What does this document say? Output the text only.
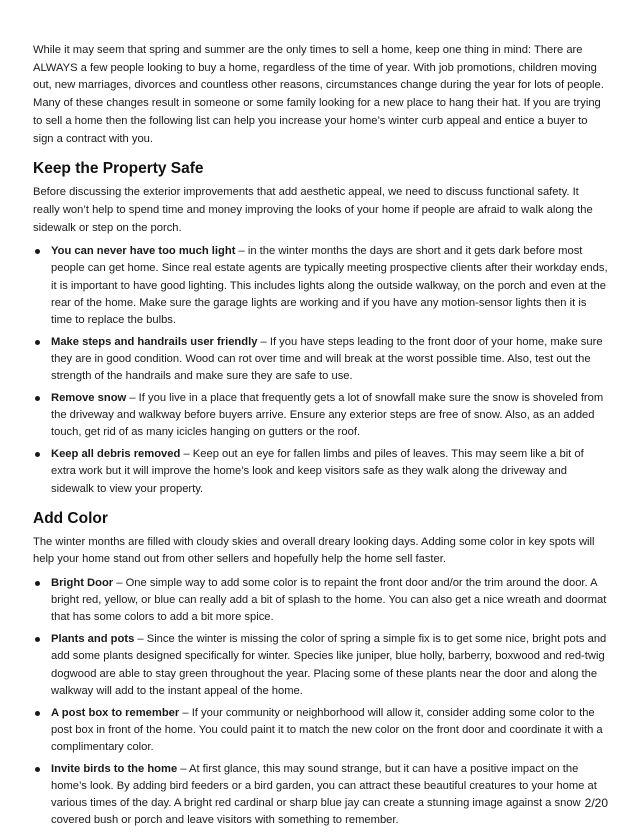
While it may seem that spring and summer are the only times to sell a home, keep one thing in mind: There are ALWAYS a few people looking to buy a home, regardless of the time of year. With job promotions, children moving out, new marriages, divorces and countless other reasons, circumstances change during the year for lots of people. Many of these changes result in someone or some family looking for a new place to hang their hat. If you are trying to sell a home then the following list can help you increase your home’s winter curb appeal and entice a buyer to sign a contract with you.

Keep the Property Safe

Before discussing the exterior improvements that add aesthetic appeal, we need to discuss functional safety. It really won’t help to spend time and money improving the looks of your home if people are afraid to walk along the sidewalk or step on the porch.

You can never have too much light – in the winter months the days are short and it gets dark before most people can get home. Since real estate agents are typically meeting prospective clients after their workday ends, it is important to have good lighting. This includes lights along the outside walkway, on the porch and even at the rear of the home. Make sure the garage lights are working and if you have any motion-sensor lights then it is time to replace the bulbs.
Make steps and handrails user friendly – If you have steps leading to the front door of your home, make sure they are in good condition. Wood can rot over time and will break at the worst possible time. Also, test out the strength of the handrails and make sure they are safe to use.
Remove snow – If you live in a place that frequently gets a lot of snowfall make sure the snow is shoveled from the driveway and walkway before buyers arrive. Ensure any exterior steps are free of snow. Also, as an added touch, get rid of as many icicles hanging on gutters or the roof.
Keep all debris removed – Keep out an eye for fallen limbs and piles of leaves. This may seem like a bit of extra work but it will improve the home’s look and keep visitors safe as they walk along the driveway and sidewalk to view your property.
Add Color

The winter months are filled with cloudy skies and overall dreary looking days. Adding some color in key spots will help your home stand out from other sellers and hopefully help the home sell faster.

Bright Door – One simple way to add some color is to repaint the front door and/or the trim around the door. A bright red, yellow, or blue can really add a bit of splash to the home. You can also get a nice wreath and doormat that has some colors to add a bit more spice.
Plants and pots – Since the winter is missing the color of spring a simple fix is to get some nice, bright pots and add some plants designed specifically for winter. Species like juniper, blue holly, barberry, boxwood and red-twig dogwood are able to stay green throughout the year. Placing some of these plants near the door and along the walkway will add to the instant appeal of the home.
A post box to remember – If your community or neighborhood will allow it, consider adding some color to the post box in front of the home. You could paint it to match the new color on the front door and coordinate it with a complimentary color.
Invite birds to the home – At first glance, this may sound strange, but it can have a positive impact on the home’s look. By adding bird feeders or a bird garden, you can attract these beautiful creatures to your home at various times of the day. A bright red cardinal or sharp blue jay can create a stunning image against a snow covered bush or porch and leave visitors with something to remember.
2/20
